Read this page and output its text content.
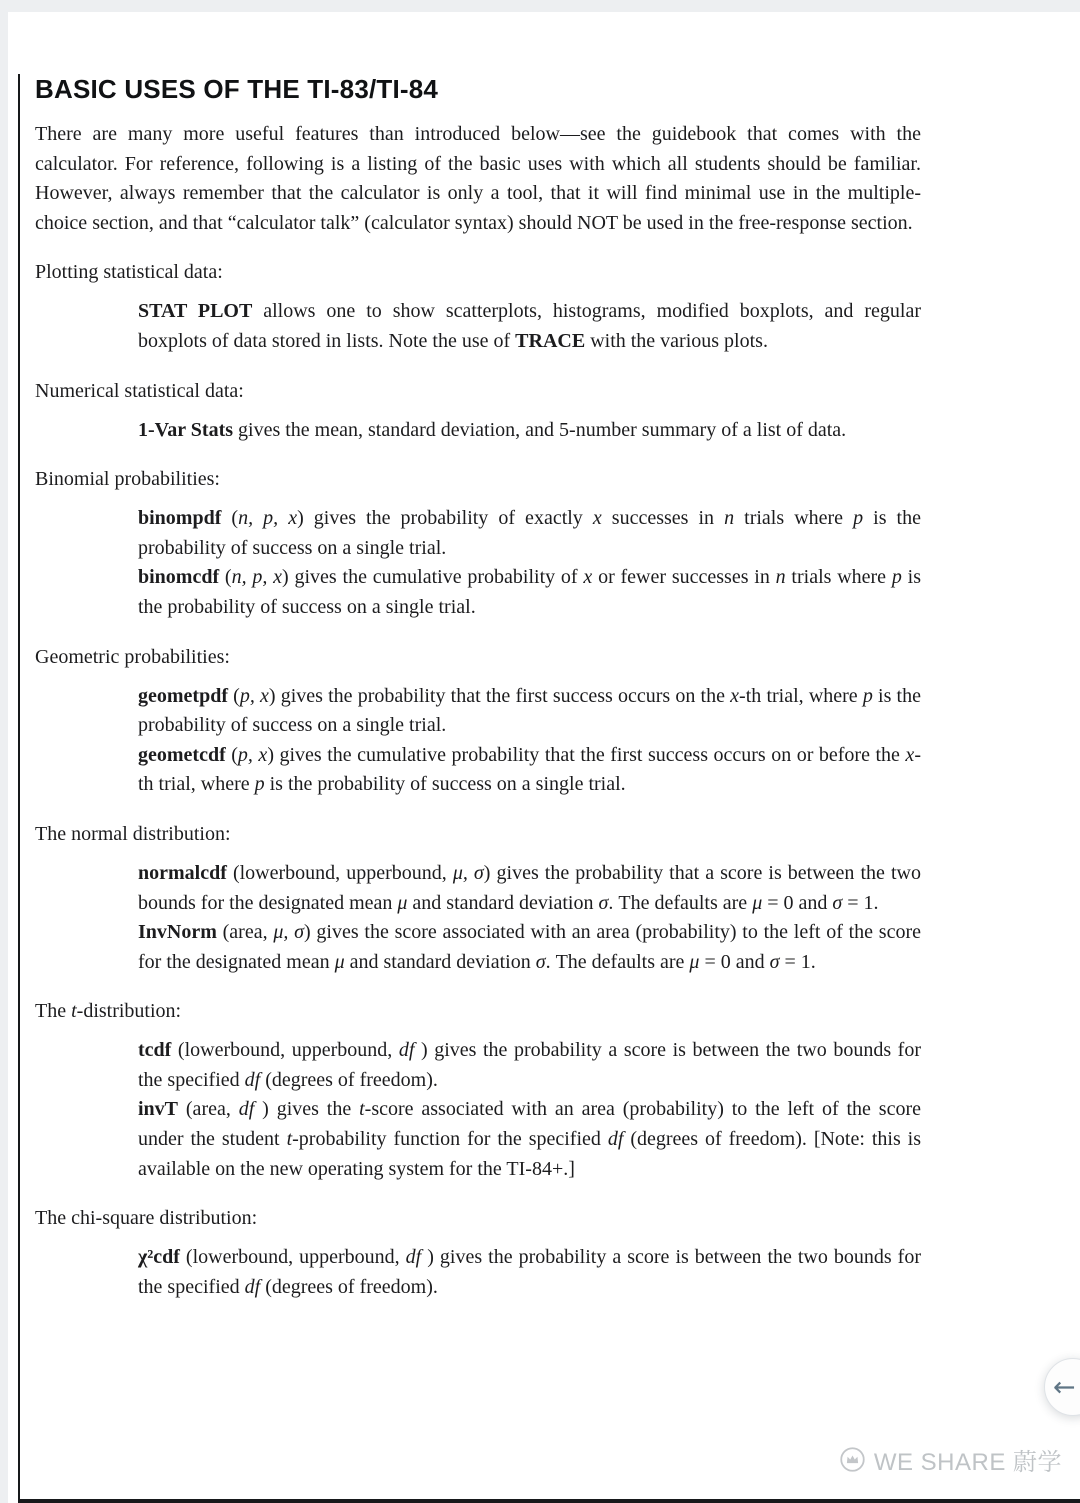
BASIC USES OF THE TI-83/TI-84

There are many more useful features than introduced below—see the guidebook that comes with the calculator. For reference, following is a listing of the basic uses with which all students should be familiar. However, always remember that the calculator is only a tool, that it will find minimal use in the multiple-choice section, and that “calculator talk” (calculator syntax) should NOT be used in the free-response section.

Plotting statistical data:

STAT PLOT allows one to show scatterplots, histograms, modified boxplots, and regular boxplots of data stored in lists. Note the use of TRACE with the various plots.

Numerical statistical data:

1-Var Stats gives the mean, standard deviation, and 5-number summary of a list of data.

Binomial probabilities:

binompdf (n, p, x) gives the probability of exactly x successes in n trials where p is the probability of success on a single trial.

binomcdf (n, p, x) gives the cumulative probability of x or fewer successes in n trials where p is the probability of success on a single trial.

Geometric probabilities:

geometpdf (p, x) gives the probability that the first success occurs on the x-th trial, where p is the probability of success on a single trial.

geometcdf (p, x) gives the cumulative probability that the first success occurs on or before the x-th trial, where p is the probability of success on a single trial.

The normal distribution:

normalcdf (lowerbound, upperbound, μ, σ) gives the probability that a score is between the two bounds for the designated mean μ and standard deviation σ. The defaults are μ = 0 and σ = 1.

InvNorm (area, μ, σ) gives the score associated with an area (probability) to the left of the score for the designated mean μ and standard deviation σ. The defaults are μ = 0 and σ = 1.

The t-distribution:

tcdf (lowerbound, upperbound, df ) gives the probability a score is between the two bounds for the specified df (degrees of freedom).

invT (area, df ) gives the t-score associated with an area (probability) to the left of the score under the student t-probability function for the specified df (degrees of freedom). [Note: this is available on the new operating system for the TI-84+.]

The chi-square distribution:

χ²cdf (lowerbound, upperbound, df ) gives the probability a score is between the two bounds for the specified df (degrees of freedom).

←
WE SHARE 蔚学
